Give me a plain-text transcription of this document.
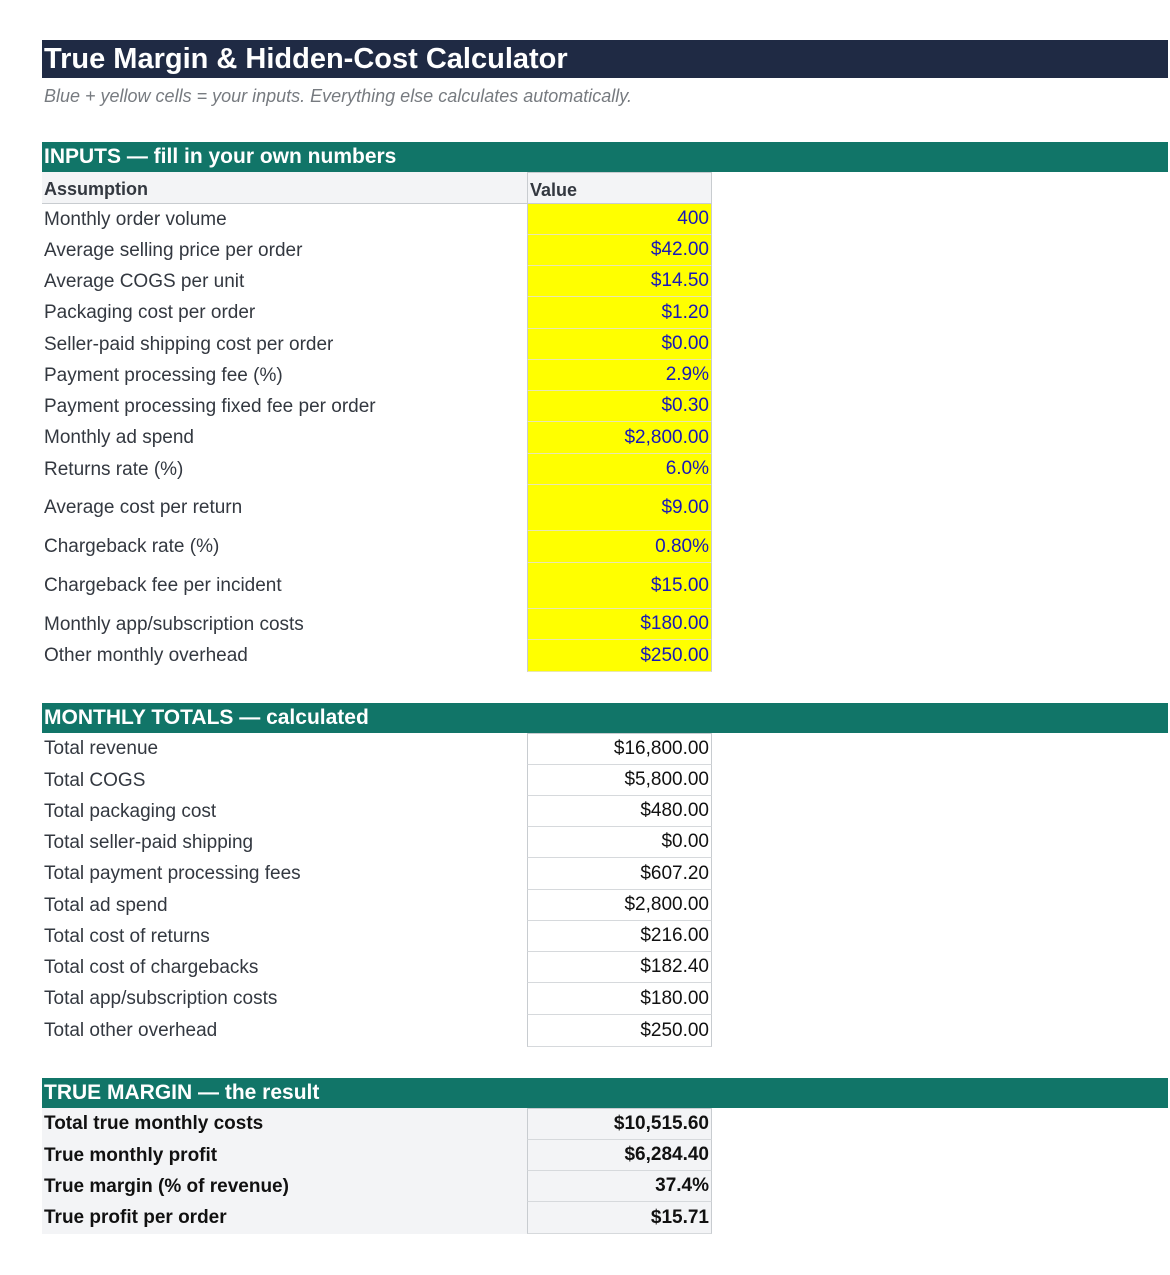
True Margin & Hidden-Cost Calculator
Blue + yellow cells = your inputs. Everything else calculates automatically.
INPUTS — fill in your own numbers
Assumption	Value
Monthly order volume	400
Average selling price per order	$42.00
Average COGS per unit	$14.50
Packaging cost per order	$1.20
Seller-paid shipping cost per order	$0.00
Payment processing fee (%)	2.9%
Payment processing fixed fee per order	$0.30
Monthly ad spend	$2,800.00
Returns rate (%)	6.0%
Average cost per return	$9.00
Chargeback rate (%)	0.80%
Chargeback fee per incident	$15.00
Monthly app/subscription costs	$180.00
Other monthly overhead	$250.00
MONTHLY TOTALS — calculated
Total revenue	$16,800.00
Total COGS	$5,800.00
Total packaging cost	$480.00
Total seller-paid shipping	$0.00
Total payment processing fees	$607.20
Total ad spend	$2,800.00
Total cost of returns	$216.00
Total cost of chargebacks	$182.40
Total app/subscription costs	$180.00
Total other overhead	$250.00
TRUE MARGIN — the result
Total true monthly costs	$10,515.60
True monthly profit	$6,284.40
True margin (% of revenue)	37.4%
True profit per order	$15.71
